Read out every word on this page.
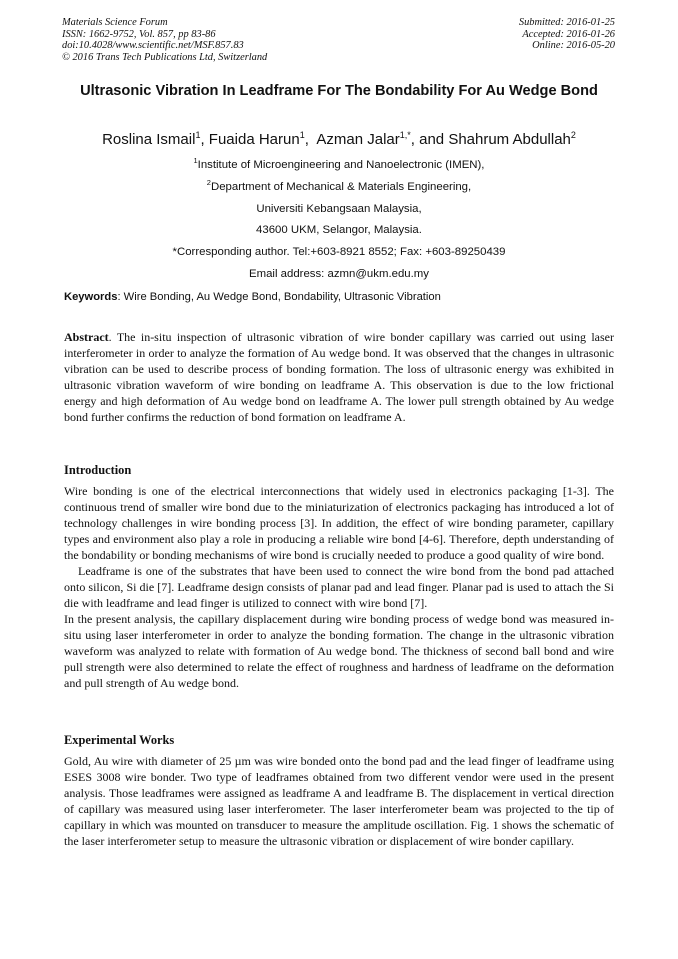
Materials Science Forum
ISSN: 1662-9752, Vol. 857, pp 83-86
doi:10.4028/www.scientific.net/MSF.857.83
© 2016 Trans Tech Publications Ltd, Switzerland
Submitted: 2016-01-25
Accepted: 2016-01-26
Online: 2016-05-20
Ultrasonic Vibration In Leadframe For The Bondability For Au Wedge Bond
Roslina Ismail$^1$, Fuaida Harun$^1$,  Azman Jalar$^{1,*}$, and Shahrum Abdullah$^2$
$^1$Institute of Microengineering and Nanoelectronic (IMEN),
$^2$Department of Mechanical & Materials Engineering,
Universiti Kebangsaan Malaysia,
43600 UKM, Selangor, Malaysia.
*Corresponding author. Tel:+603-8921 8552; Fax: +603-89250439
Email address: azmn@ukm.edu.my
Keywords: Wire Bonding, Au Wedge Bond, Bondability, Ultrasonic Vibration

Abstract. The in-situ inspection of ultrasonic vibration of wire bonder capillary was carried out using laser interferometer in order to analyze the formation of Au wedge bond. It was observed that the changes in ultrasonic vibration can be used to describe process of bonding formation. The loss of ultrasonic energy was exhibited in ultrasonic vibration waveform of wire bonding on leadframe A. This observation is due to the low frictional energy and high deformation of Au wedge bond on leadframe A. The lower pull strength obtained by Au wedge bond further confirms the reduction of bond formation on leadframe A.

Introduction

Wire bonding is one of the electrical interconnections that widely used in electronics packaging [1-3]. The continuous trend of smaller wire bond due to the miniaturization of electronics packaging has introduced a lot of technology challenges in wire bonding process [3]. In addition, the effect of wire bonding parameter, capillary types and environment also play a role in producing a reliable wire bond [4-6]. Therefore, depth understanding of the bondability or bonding mechanisms of wire bond is crucially needed to produce a good quality of wire bond.

Leadframe is one of the substrates that have been used to connect the wire bond from the bond pad attached onto silicon, Si die [7]. Leadframe design consists of planar pad and lead finger. Planar pad is used to attach the Si die with leadframe and lead finger is utilized to connect with wire bond [7].

In the present analysis, the capillary displacement during wire bonding process of wedge bond was measured in-situ using laser interferometer in order to analyze the bonding formation. The change in the ultrasonic vibration waveform was analyzed to relate with formation of Au wedge bond. The thickness of second ball bond and wire pull strength were also determined to relate the effect of roughness and hardness of leadframe on the deformation and pull strength of Au wedge bond.

Experimental Works

Gold, Au wire with diameter of 25 µm was wire bonded onto the bond pad and the lead finger of leadframe using ESES 3008 wire bonder. Two type of leadframes obtained from two different vendor were used in the present analysis. Those leadframes were assigned as leadframe A and leadframe B. The displacement in vertical direction of capillary was measured using laser interferometer. The laser interferometer beam was projected to the tip of capillary in which was mounted on transducer to measure the amplitude oscillation. Fig. 1 shows the schematic of the laser interferometer setup to measure the ultrasonic vibration or displacement of wire bonder capillary.
